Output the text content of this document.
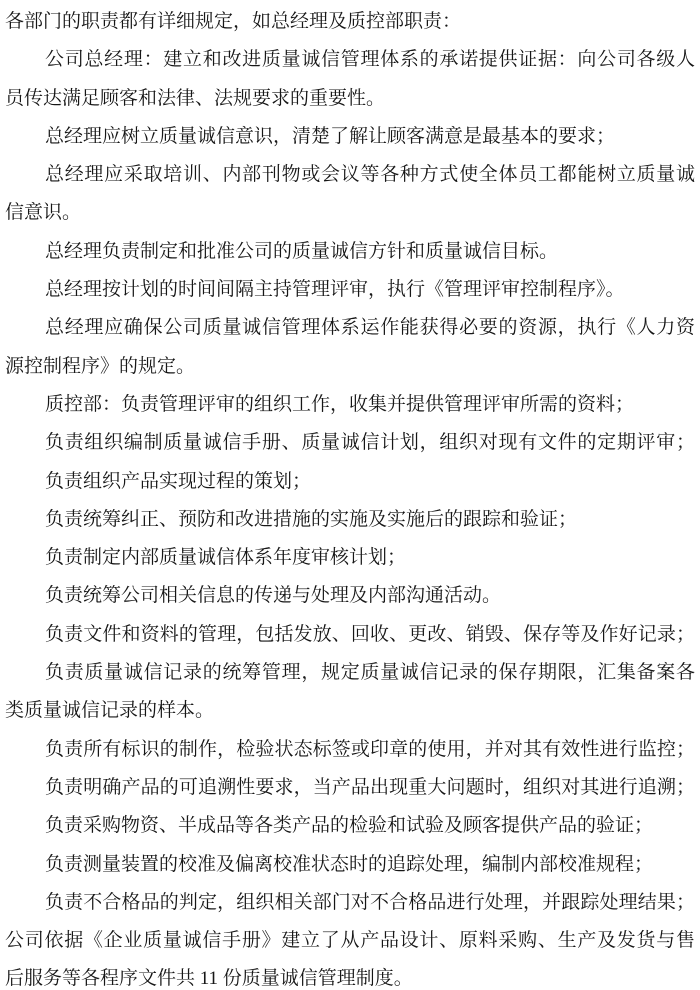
各部门的职责都有详细规定，如总经理及质控部职责：
公司总经理：建立和改进质量诚信管理体系的承诺提供证据：向公司各级人
员传达满足顾客和法律、法规要求的重要性。
总经理应树立质量诚信意识，清楚了解让顾客满意是最基本的要求；
总经理应采取培训、内部刊物或会议等各种方式使全体员工都能树立质量诚
信意识。
总经理负责制定和批准公司的质量诚信方针和质量诚信目标。
总经理按计划的时间间隔主持管理评审，执行《管理评审控制程序》。
总经理应确保公司质量诚信管理体系运作能获得必要的资源，执行《人力资
源控制程序》的规定。
质控部：负责管理评审的组织工作，收集并提供管理评审所需的资料；
负责组织编制质量诚信手册、质量诚信计划，组织对现有文件的定期评审；
负责组织产品实现过程的策划；
负责统筹纠正、预防和改进措施的实施及实施后的跟踪和验证；
负责制定内部质量诚信体系年度审核计划；
负责统筹公司相关信息的传递与处理及内部沟通活动。
负责文件和资料的管理，包括发放、回收、更改、销毁、保存等及作好记录；
负责质量诚信记录的统筹管理，规定质量诚信记录的保存期限，汇集备案各
类质量诚信记录的样本。
负责所有标识的制作，检验状态标签或印章的使用，并对其有效性进行监控；
负责明确产品的可追溯性要求，当产品出现重大问题时，组织对其进行追溯；
负责采购物资、半成品等各类产品的检验和试验及顾客提供产品的验证；
负责测量装置的校准及偏离校准状态时的追踪处理，编制内部校准规程；
负责不合格品的判定，组织相关部门对不合格品进行处理，并跟踪处理结果；
公司依据《企业质量诚信手册》建立了从产品设计、原料采购、生产及发货与售
后服务等各程序文件共 11 份质量诚信管理制度。
